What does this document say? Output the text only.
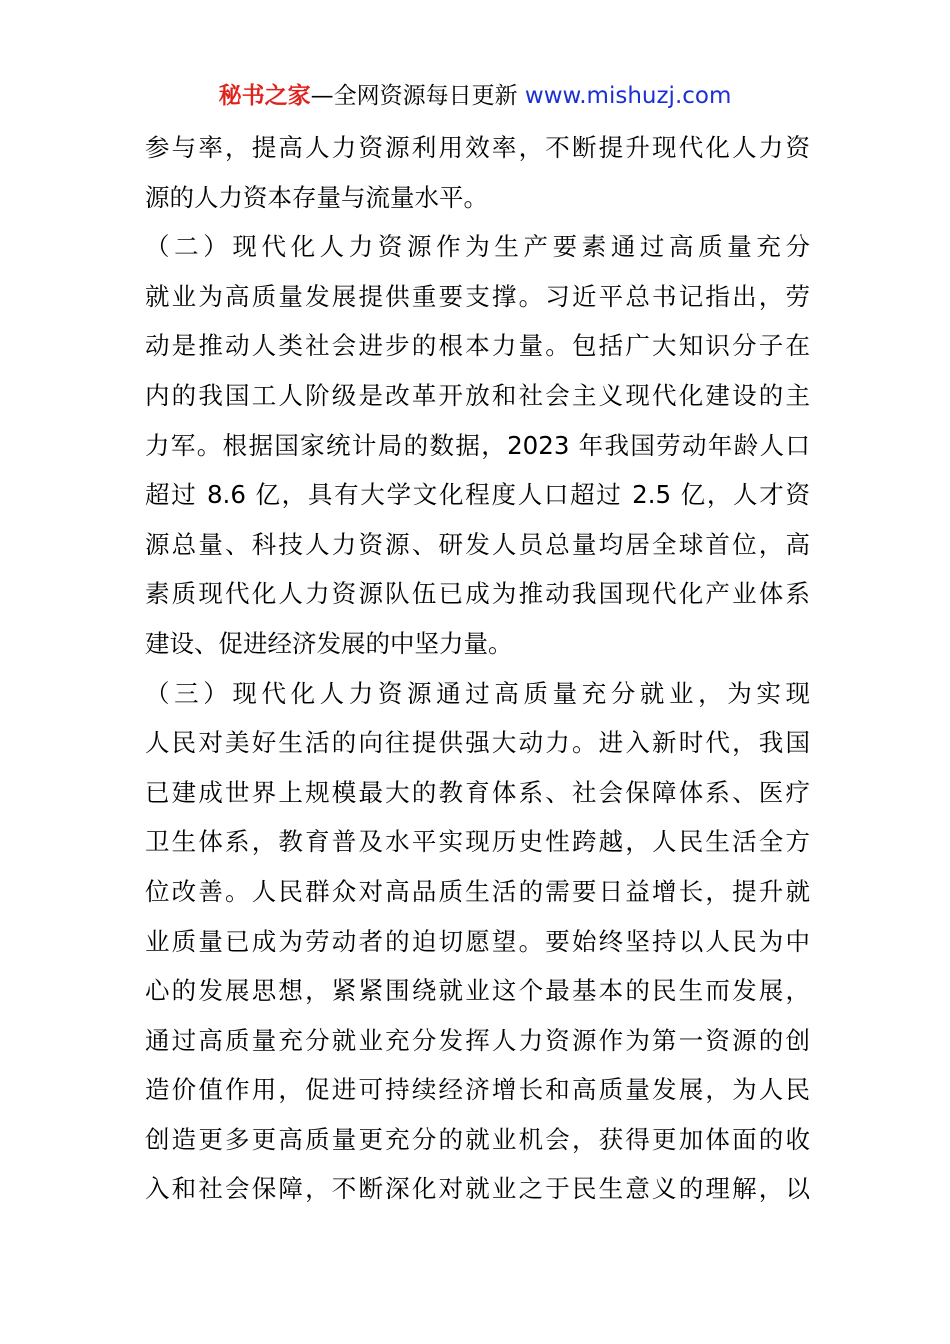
秘书之家—全网资源每日更新 www.mishuzj.com
参与率，提高人力资源利用效率，不断提升现代化人力资
源的人力资本存量与流量水平。
（二）现代化人力资源作为生产要素通过高质量充分
就业为高质量发展提供重要支撑。习近平总书记指出，劳
动是推动人类社会进步的根本力量。包括广大知识分子在
内的我国工人阶级是改革开放和社会主义现代化建设的主
力军。根据国家统计局的数据，2023 年我国劳动年龄人口
超过 8.6 亿，具有大学文化程度人口超过 2.5 亿，人才资
源总量、科技人力资源、研发人员总量均居全球首位，高
素质现代化人力资源队伍已成为推动我国现代化产业体系
建设、促进经济发展的中坚力量。
（三）现代化人力资源通过高质量充分就业，为实现
人民对美好生活的向往提供强大动力。进入新时代，我国
已建成世界上规模最大的教育体系、社会保障体系、医疗
卫生体系，教育普及水平实现历史性跨越，人民生活全方
位改善。人民群众对高品质生活的需要日益增长，提升就
业质量已成为劳动者的迫切愿望。要始终坚持以人民为中
心的发展思想，紧紧围绕就业这个最基本的民生而发展，
通过高质量充分就业充分发挥人力资源作为第一资源的创
造价值作用，促进可持续经济增长和高质量发展，为人民
创造更多更高质量更充分的就业机会，获得更加体面的收
入和社会保障，不断深化对就业之于民生意义的理解，以
